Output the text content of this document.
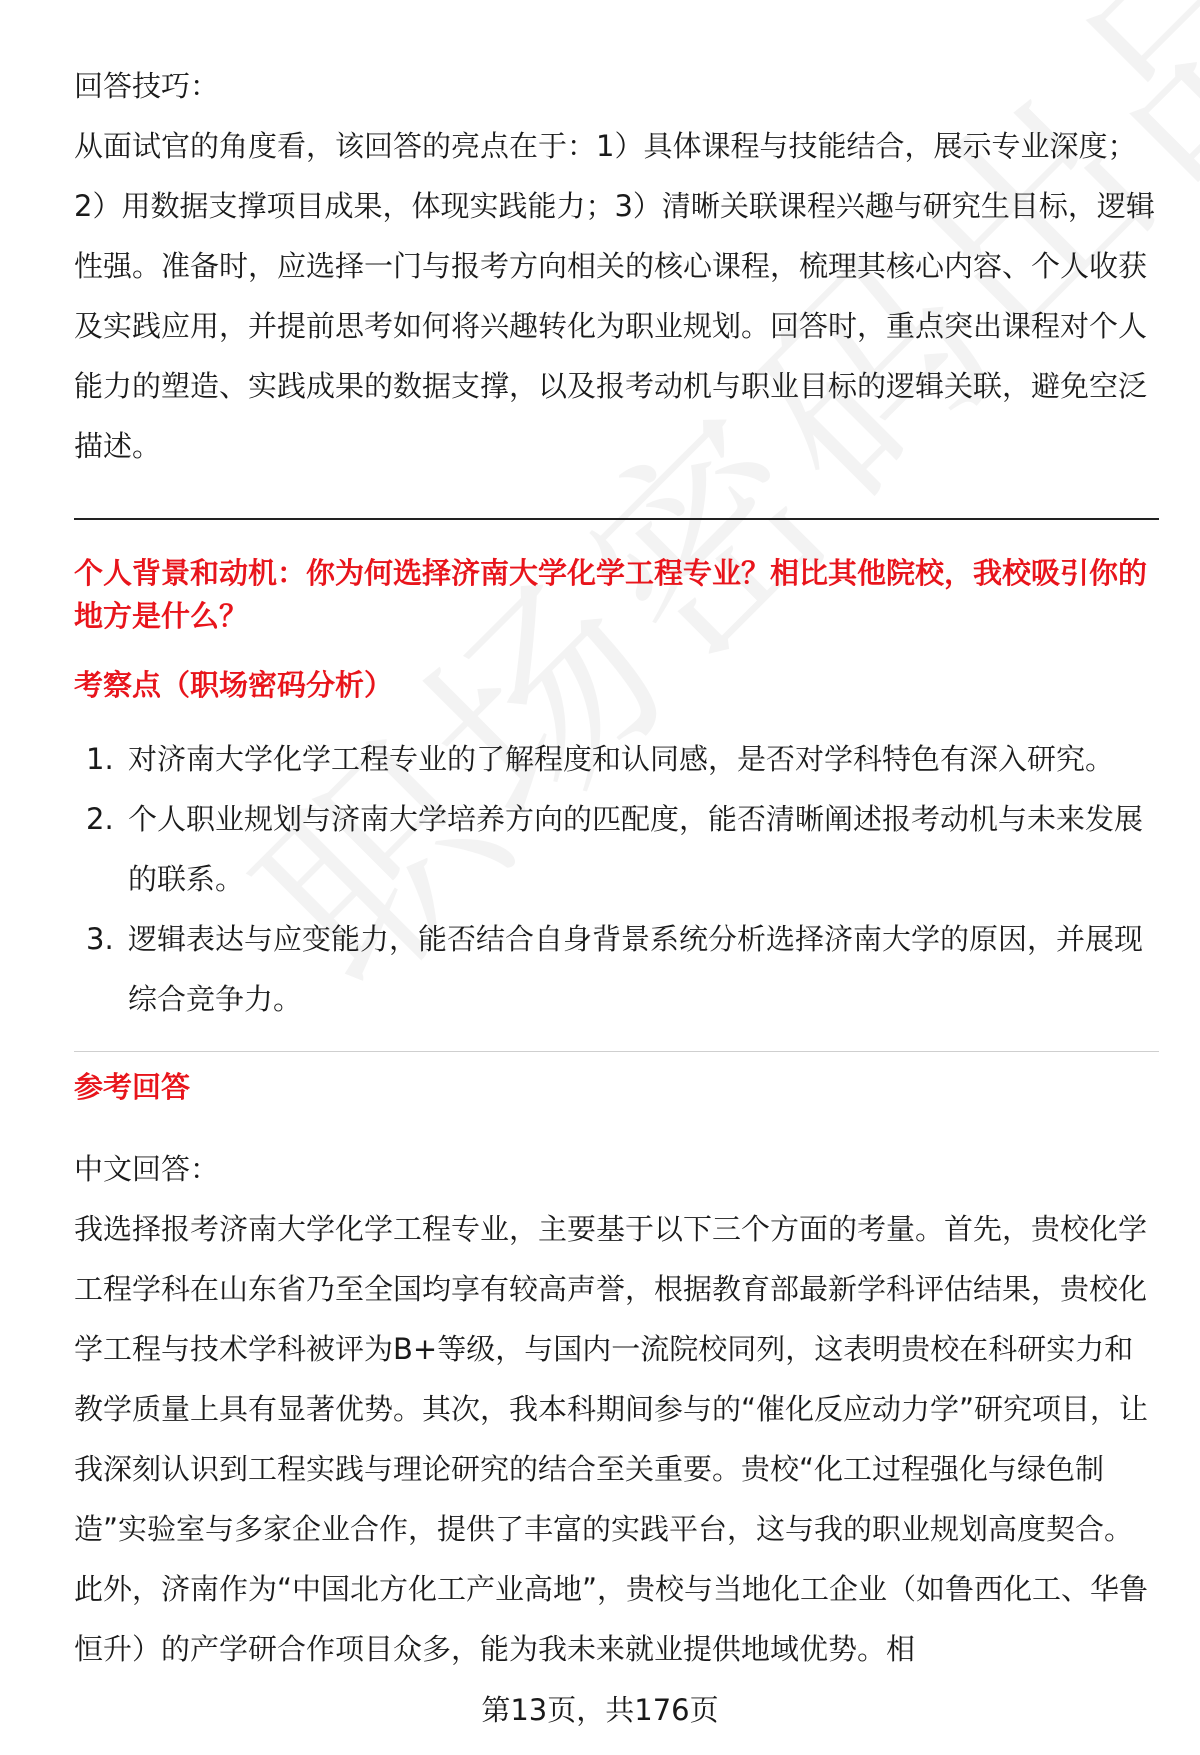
回答技巧：

从面试官的角度看，该回答的亮点在于：1）具体课程与技能结合，展示专业深度；2）用数据支撑项目成果，体现实践能力；3）清晰关联课程兴趣与研究生目标，逻辑性强。准备时，应选择一门与报考方向相关的核心课程，梳理其核心内容、个人收获及实践应用，并提前思考如何将兴趣转化为职业规划。回答时，重点突出课程对个人能力的塑造、实践成果的数据支撑，以及报考动机与职业目标的逻辑关联，避免空泛描述。

个人背景和动机：你为何选择济南大学化学工程专业？相比其他院校，我校吸引你的地方是什么？

考察点（职场密码分析）

1. 对济南大学化学工程专业的了解程度和认同感，是否对学科特色有深入研究。
2. 个人职业规划与济南大学培养方向的匹配度，能否清晰阐述报考动机与未来发展的联系。
3. 逻辑表达与应变能力，能否结合自身背景系统分析选择济南大学的原因，并展现综合竞争力。

参考回答

中文回答：

我选择报考济南大学化学工程专业，主要基于以下三个方面的考量。首先，贵校化学工程学科在山东省乃至全国均享有较高声誉，根据教育部最新学科评估结果，贵校化学工程与技术学科被评为B+等级，与国内一流院校同列，这表明贵校在科研实力和教学质量上具有显著优势。其次，我本科期间参与的“催化反应动力学”研究项目，让我深刻认识到工程实践与理论研究的结合至关重要。贵校“化工过程强化与绿色制造”实验室与多家企业合作，提供了丰富的实践平台，这与我的职业规划高度契合。此外，济南作为“中国北方化工产业高地”，贵校与当地化工企业（如鲁西化工、华鲁恒升）的产学研合作项目众多，能为我未来就业提供地域优势。相

第13页，共176页
